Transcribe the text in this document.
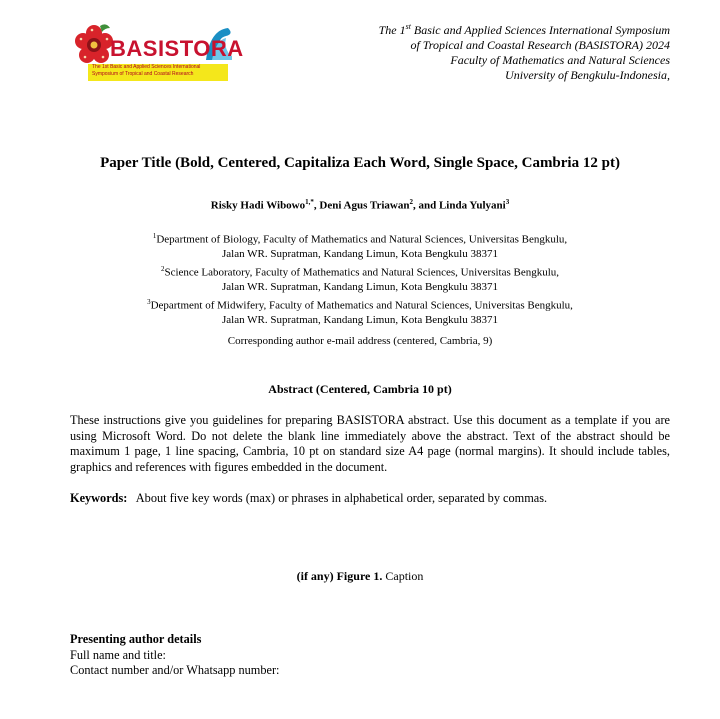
BASISTORA
The 1st Basic and Applied Sciences International
Symposium of Tropical and Coastal Research
The 1st Basic and Applied Sciences International Symposium
of Tropical and Coastal Research (BASISTORA) 2024
Faculty of Mathematics and Natural Sciences
University of Bengkulu-Indonesia,
Paper Title (Bold, Centered, Capitaliza Each Word, Single Space, Cambria 12 pt)
Risky Hadi Wibowo$^{1,*}$, Deni Agus Triawan$^2$, and Linda Yulyani$^3$
$^1$Department of Biology, Faculty of Mathematics and Natural Sciences, Universitas Bengkulu,
Jalan WR. Supratman, Kandang Limun, Kota Bengkulu 38371
$^2$Science Laboratory, Faculty of Mathematics and Natural Sciences, Universitas Bengkulu,
Jalan WR. Supratman, Kandang Limun, Kota Bengkulu 38371
$^3$Department of Midwifery, Faculty of Mathematics and Natural Sciences, Universitas Bengkulu,
Jalan WR. Supratman, Kandang Limun, Kota Bengkulu 38371
Corresponding author e-mail address (centered, Cambria, 9)
Abstract (Centered, Cambria 10 pt)
These instructions give you guidelines for preparing BASISTORA abstract. Use this document as a template if you are using Microsoft Word. Do not delete the blank line immediately above the abstract. Text of the abstract should be maximum 1 page, 1 line spacing, Cambria, 10 pt on standard size A4 page (normal margins). It should include tables, graphics and references with figures embedded in the document.
Keywords: About five key words (max) or phrases in alphabetical order, separated by commas.
(if any) Figure 1. Caption
Presenting author details
Full name and title:
Contact number and/or Whatsapp number:
